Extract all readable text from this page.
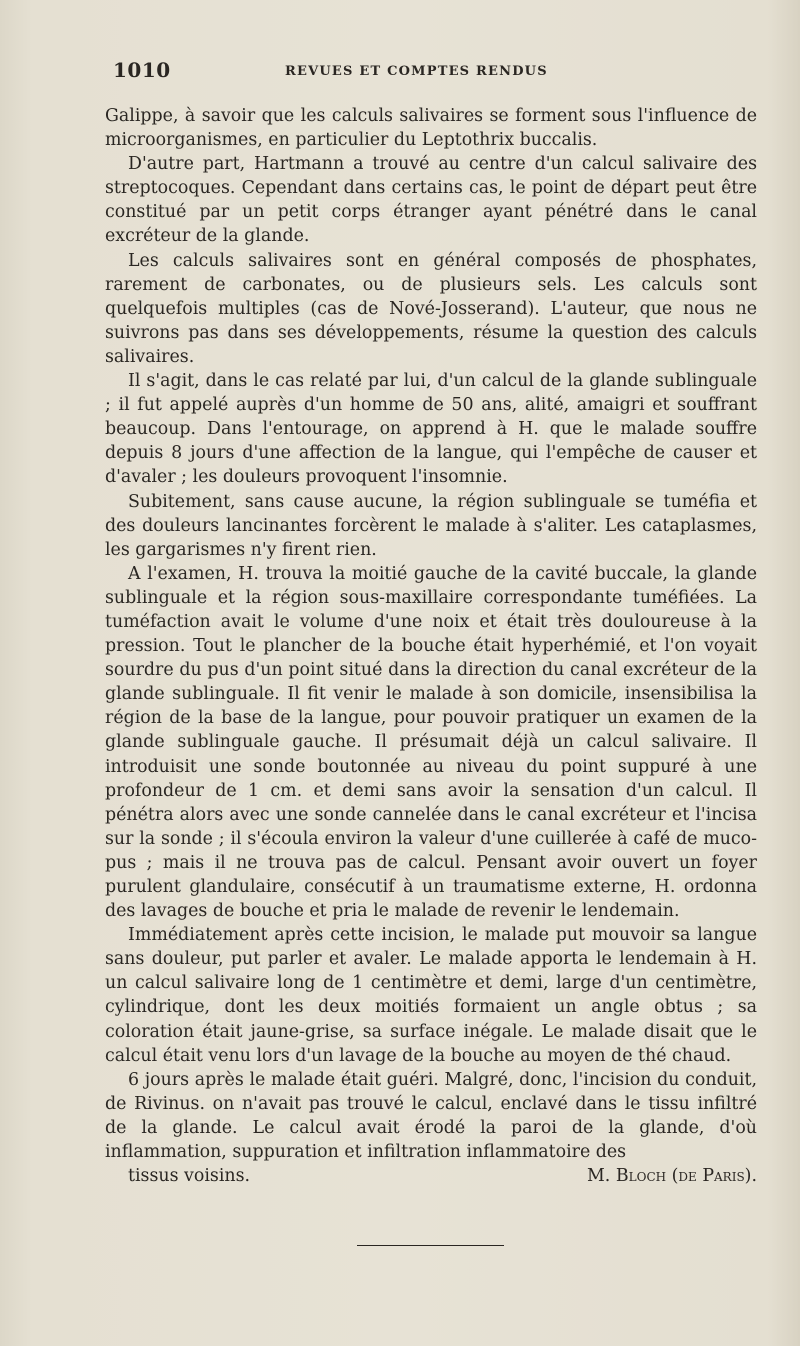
1010	REVUES ET COMPTES RENDUS

Galippe, à savoir que les calculs salivaires se forment sous l'influence de microorganismes, en particulier du Leptothrix buccalis.

D'autre part, Hartmann a trouvé au centre d'un calcul salivaire des streptocoques. Cependant dans certains cas, le point de départ peut être constitué par un petit corps étranger ayant pénétré dans le canal excréteur de la glande.

Les calculs salivaires sont en général composés de phosphates, rarement de carbonates, ou de plusieurs sels. Les calculs sont quelquefois multiples (cas de Nové-Josserand). L'auteur, que nous ne suivrons pas dans ses développements, résume la question des calculs salivaires.

Il s'agit, dans le cas relaté par lui, d'un calcul de la glande sublinguale ; il fut appelé auprès d'un homme de 50 ans, alité, amaigri et souffrant beaucoup. Dans l'entourage, on apprend à H. que le malade souffre depuis 8 jours d'une affection de la langue, qui l'empêche de causer et d'avaler ; les douleurs provoquent l'insomnie.

Subitement, sans cause aucune, la région sublinguale se tuméfia et des douleurs lancinantes forcèrent le malade à s'aliter. Les cataplasmes, les gargarismes n'y firent rien.

A l'examen, H. trouva la moitié gauche de la cavité buccale, la glande sublinguale et la région sous-maxillaire correspondante tuméfiées. La tuméfaction avait le volume d'une noix et était très douloureuse à la pression. Tout le plancher de la bouche était hyperhémié, et l'on voyait sourdre du pus d'un point situé dans la direction du canal excréteur de la glande sublinguale. Il fit venir le malade à son domicile, insensibilisa la région de la base de la langue, pour pouvoir pratiquer un examen de la glande sublinguale gauche. Il présumait déjà un calcul salivaire. Il introduisit une sonde boutonnée au niveau du point suppuré à une profondeur de 1 cm. et demi sans avoir la sensation d'un calcul. Il pénétra alors avec une sonde cannelée dans le canal excréteur et l'incisa sur la sonde ; il s'écoula environ la valeur d'une cuillerée à café de muco-pus ; mais il ne trouva pas de calcul. Pensant avoir ouvert un foyer purulent glandulaire, consécutif à un traumatisme externe, H. ordonna des lavages de bouche et pria le malade de revenir le lendemain.

Immédiatement après cette incision, le malade put mouvoir sa langue sans douleur, put parler et avaler. Le malade apporta le lendemain à H. un calcul salivaire long de 1 centimètre et demi, large d'un centimètre, cylindrique, dont les deux moitiés formaient un angle obtus ; sa coloration était jaune-grise, sa surface inégale. Le malade disait que le calcul était venu lors d'un lavage de la bouche au moyen de thé chaud.

6 jours après le malade était guéri. Malgré, donc, l'incision du conduit, de Rivinus. on n'avait pas trouvé le calcul, enclavé dans le tissu infiltré de la glande. Le calcul avait érodé la paroi de la glande, d'où inflammation, suppuration et infiltration inflammatoire des

tissus voisins.	M. Bloch (de Paris).
